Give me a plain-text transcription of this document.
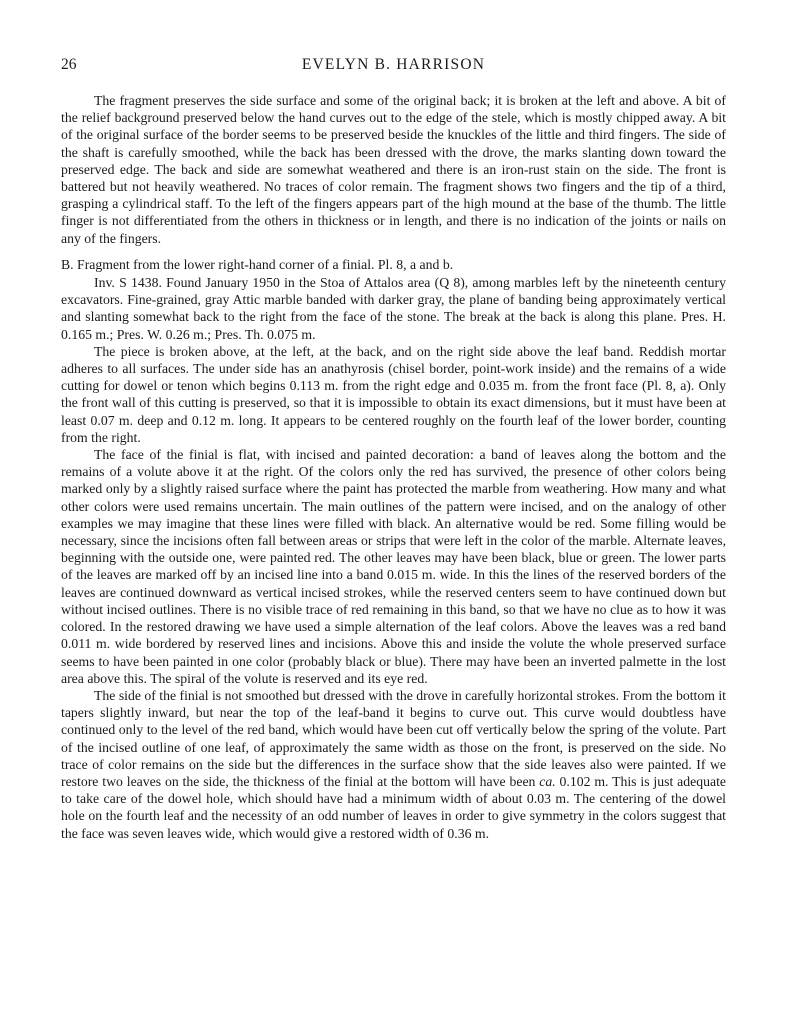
26	EVELYN B. HARRISON

The fragment preserves the side surface and some of the original back; it is broken at the left and above. A bit of the relief background preserved below the hand curves out to the edge of the stele, which is mostly chipped away. A bit of the original surface of the border seems to be preserved beside the knuckles of the little and third fingers. The side of the shaft is carefully smoothed, while the back has been dressed with the drove, the marks slanting down toward the preserved edge. The back and side are somewhat weathered and there is an iron-rust stain on the side. The front is battered but not heavily weathered. No traces of color remain. The fragment shows two fingers and the tip of a third, grasping a cylindrical staff. To the left of the fingers appears part of the high mound at the base of the thumb. The little finger is not differentiated from the others in thickness or in length, and there is no indication of the joints or nails on any of the fingers.

B. Fragment from the lower right-hand corner of a finial. Pl. 8, a and b.

Inv. S 1438. Found January 1950 in the Stoa of Attalos area (Q 8), among marbles left by the nineteenth century excavators. Fine-grained, gray Attic marble banded with darker gray, the plane of banding being approximately vertical and slanting somewhat back to the right from the face of the stone. The break at the back is along this plane. Pres. H. 0.165 m.; Pres. W. 0.26 m.; Pres. Th. 0.075 m.

The piece is broken above, at the left, at the back, and on the right side above the leaf band. Reddish mortar adheres to all surfaces. The under side has an anathyrosis (chisel border, point-work inside) and the remains of a wide cutting for dowel or tenon which begins 0.113 m. from the right edge and 0.035 m. from the front face (Pl. 8, a). Only the front wall of this cutting is preserved, so that it is impossible to obtain its exact dimensions, but it must have been at least 0.07 m. deep and 0.12 m. long. It appears to be centered roughly on the fourth leaf of the lower border, counting from the right.

The face of the finial is flat, with incised and painted decoration: a band of leaves along the bottom and the remains of a volute above it at the right. Of the colors only the red has survived, the presence of other colors being marked only by a slightly raised surface where the paint has protected the marble from weathering. How many and what other colors were used remains uncertain. The main outlines of the pattern were incised, and on the analogy of other examples we may imagine that these lines were filled with black. An alternative would be red. Some filling would be necessary, since the incisions often fall between areas or strips that were left in the color of the marble. Alternate leaves, beginning with the outside one, were painted red. The other leaves may have been black, blue or green. The lower parts of the leaves are marked off by an incised line into a band 0.015 m. wide. In this the lines of the reserved borders of the leaves are continued downward as vertical incised strokes, while the reserved centers seem to have continued down but without incised outlines. There is no visible trace of red remaining in this band, so that we have no clue as to how it was colored. In the restored drawing we have used a simple alternation of the leaf colors. Above the leaves was a red band 0.011 m. wide bordered by reserved lines and incisions. Above this and inside the volute the whole preserved surface seems to have been painted in one color (probably black or blue). There may have been an inverted palmette in the lost area above this. The spiral of the volute is reserved and its eye red.

The side of the finial is not smoothed but dressed with the drove in carefully horizontal strokes. From the bottom it tapers slightly inward, but near the top of the leaf-band it begins to curve out. This curve would doubtless have continued only to the level of the red band, which would have been cut off vertically below the spring of the volute. Part of the incised outline of one leaf, of approximately the same width as those on the front, is preserved on the side. No trace of color remains on the side but the differences in the surface show that the side leaves also were painted. If we restore two leaves on the side, the thickness of the finial at the bottom will have been ca. 0.102 m. This is just adequate to take care of the dowel hole, which should have had a minimum width of about 0.03 m. The centering of the dowel hole on the fourth leaf and the necessity of an odd number of leaves in order to give symmetry in the colors suggest that the face was seven leaves wide, which would give a restored width of 0.36 m.
